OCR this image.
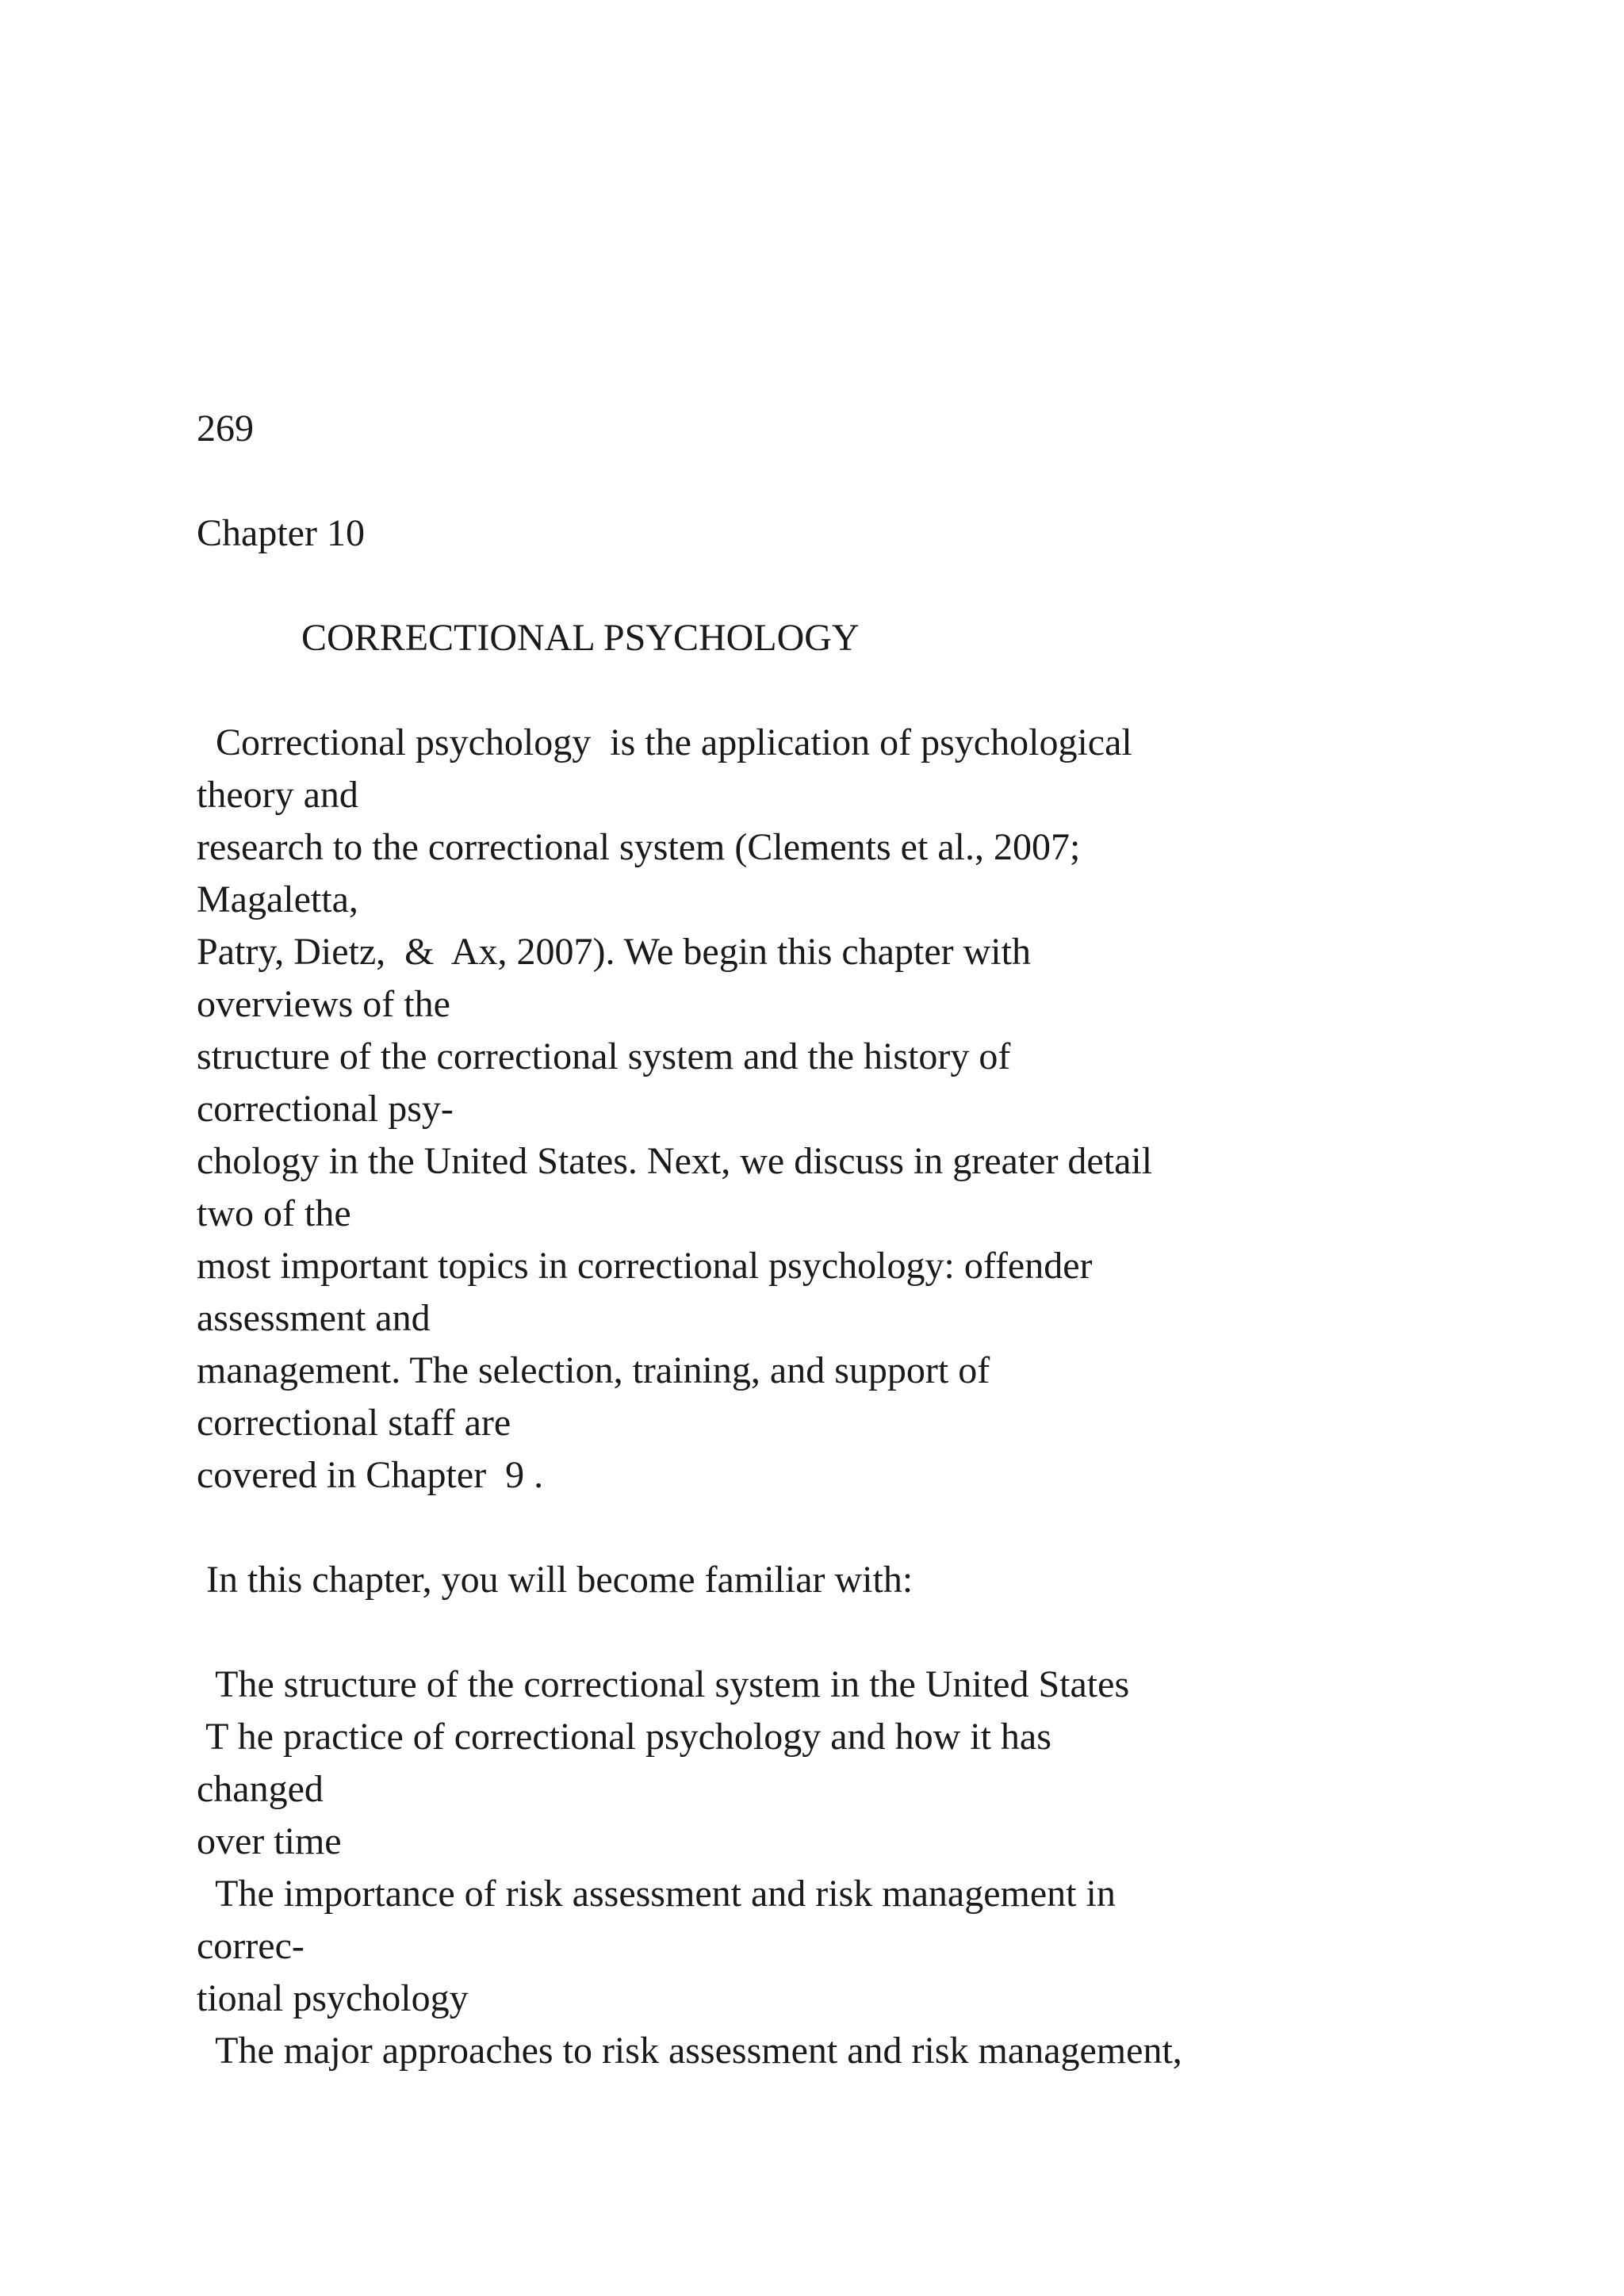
269

Chapter 10

CORRECTIONAL PSYCHOLOGY

Correctional psychology  is the application of psychological

theory and

research to the correctional system (Clements et al., 2007;

Magaletta,

Patry, Dietz,  &  Ax, 2007). We begin this chapter with

overviews of the

structure of the correctional system and the history of

correctional psy-

chology in the United States. Next, we discuss in greater detail

two of the

most important topics in correctional psychology: offender

assessment and

management. The selection, training, and support of

correctional staff are

covered in Chapter  9 .

In this chapter, you will become familiar with:

The structure of the correctional system in the United States

T he practice of correctional psychology and how it has

changed

over time

The importance of risk assessment and risk management in

correc-

tional psychology

The major approaches to risk assessment and risk management,
